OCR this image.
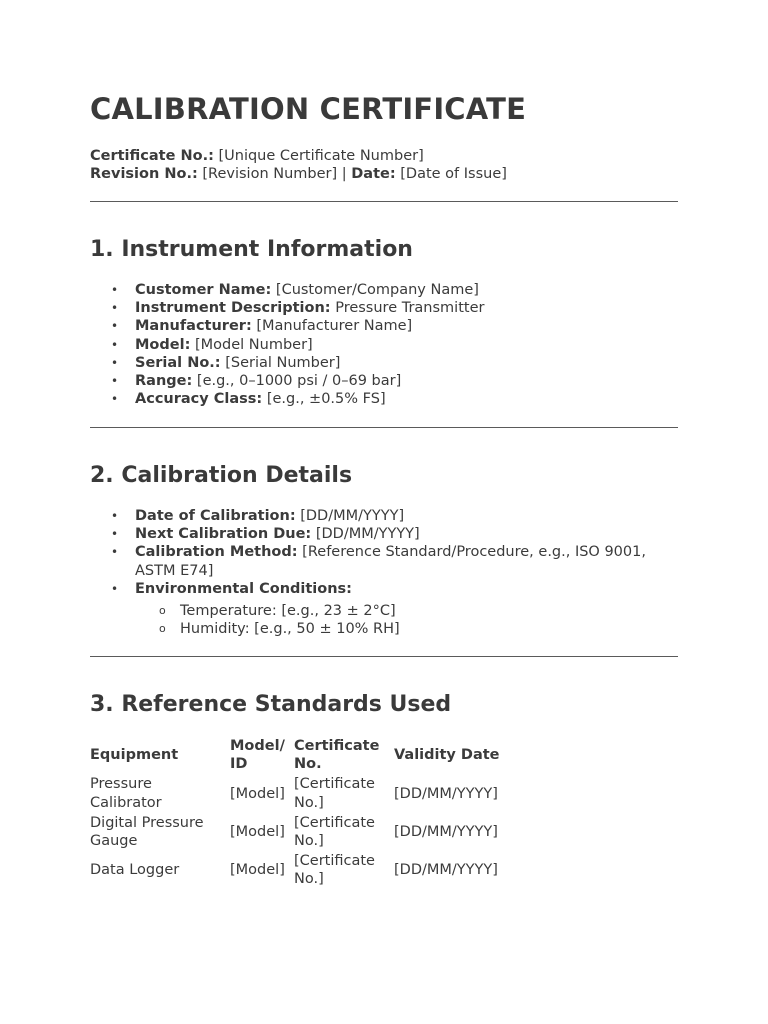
CALIBRATION CERTIFICATE
Certificate No.: [Unique Certificate Number]
Revision No.: [Revision Number] | Date: [Date of Issue]
1. Instrument Information
• Customer Name: [Customer/Company Name]
• Instrument Description: Pressure Transmitter
• Manufacturer: [Manufacturer Name]
• Model: [Model Number]
• Serial No.: [Serial Number]
• Range: [e.g., 0–1000 psi / 0–69 bar]
• Accuracy Class: [e.g., ±0.5% FS]
2. Calibration Details
• Date of Calibration: [DD/MM/YYYY]
• Next Calibration Due: [DD/MM/YYYY]
• Calibration Method: [Reference Standard/Procedure, e.g., ISO 9001, ASTM E74]
• Environmental Conditions:
o Temperature: [e.g., 23 ± 2°C]
o Humidity: [e.g., 50 ± 10% RH]
3. Reference Standards Used
Equipment	Model/ ID	Certificate No.	Validity Date
Pressure Calibrator	[Model]	[Certificate No.]	[DD/MM/YYYY]
Digital Pressure Gauge	[Model]	[Certificate No.]	[DD/MM/YYYY]
Data Logger	[Model]	[Certificate No.]	[DD/MM/YYYY]
